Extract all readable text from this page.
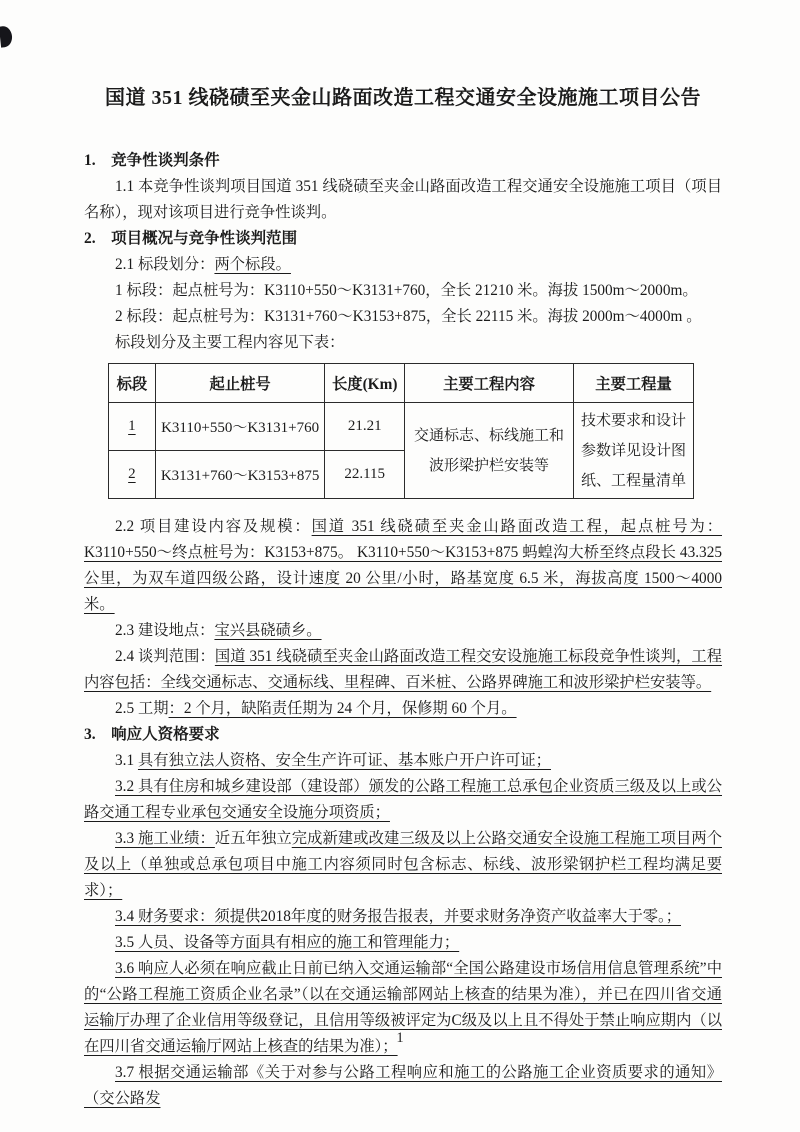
国道 351 线硗碛至夹金山路面改造工程交通安全设施施工项目公告

1.　竞争性谈判条件

1.1 本竞争性谈判项目国道 351 线硗碛至夹金山路面改造工程交通安全设施施工项目（项目名称），现对该项目进行竞争性谈判。

2.　项目概况与竞争性谈判范围

2.1 标段划分：两个标段。

1 标段：起点桩号为：K3110+550～K3131+760，全长 21210 米。海拔 1500m～2000m。

2 标段：起点桩号为：K3131+760～K3153+875，全长 22115 米。海拔 2000m～4000m 。

标段划分及主要工程内容见下表：

标段	起止桩号	长度(Km)	主要工程内容	主要工程量
1	K3110+550～K3131+760	21.21	交通标志、标线施工和波形梁护栏安装等	技术要求和设计参数详见设计图纸、工程量清单
2	K3131+760～K3153+875	22.115		

2.2 项目建设内容及规模：国道 351 线硗碛至夹金山路面改造工程，起点桩号为：K3110+550～终点桩号为：K3153+875。 K3110+550～K3153+875 蚂蝗沟大桥至终点段长 43.325 公里，为双车道四级公路，设计速度 20 公里/小时，路基宽度 6.5 米，海拔高度 1500～4000 米。

2.3 建设地点：宝兴县硗碛乡。

2.4 谈判范围：国道 351 线硗碛至夹金山路面改造工程交安设施施工标段竞争性谈判，工程内容包括：全线交通标志、交通标线、里程碑、百米桩、公路界碑施工和波形梁护栏安装等。

2.5 工期：2 个月，缺陷责任期为 24 个月，保修期 60 个月。

3.　响应人资格要求

3.1 具有独立法人资格、安全生产许可证、基本账户开户许可证；

3.2 具有住房和城乡建设部（建设部）颁发的公路工程施工总承包企业资质三级及以上或公路交通工程专业承包交通安全设施分项资质；

3.3 施工业绩：近五年独立完成新建或改建三级及以上公路交通安全设施工程施工项目两个及以上（单独或总承包项目中施工内容须同时包含标志、标线、波形梁钢护栏工程均满足要求）；

3.4 财务要求：须提供2018年度的财务报告报表，并要求财务净资产收益率大于零。；

3.5 人员、设备等方面具有相应的施工和管理能力；

3.6 响应人必须在响应截止日前已纳入交通运输部“全国公路建设市场信用信息管理系统”中的“公路工程施工资质企业名录”（以在交通运输部网站上核查的结果为准），并已在四川省交通运输厅办理了企业信用等级登记，且信用等级被评定为C级及以上且不得处于禁止响应期内（以在四川省交通运输厅网站上核查的结果为准）；

3.7 根据交通运输部《关于对参与公路工程响应和施工的公路施工企业资质要求的通知》（交公路发

1
